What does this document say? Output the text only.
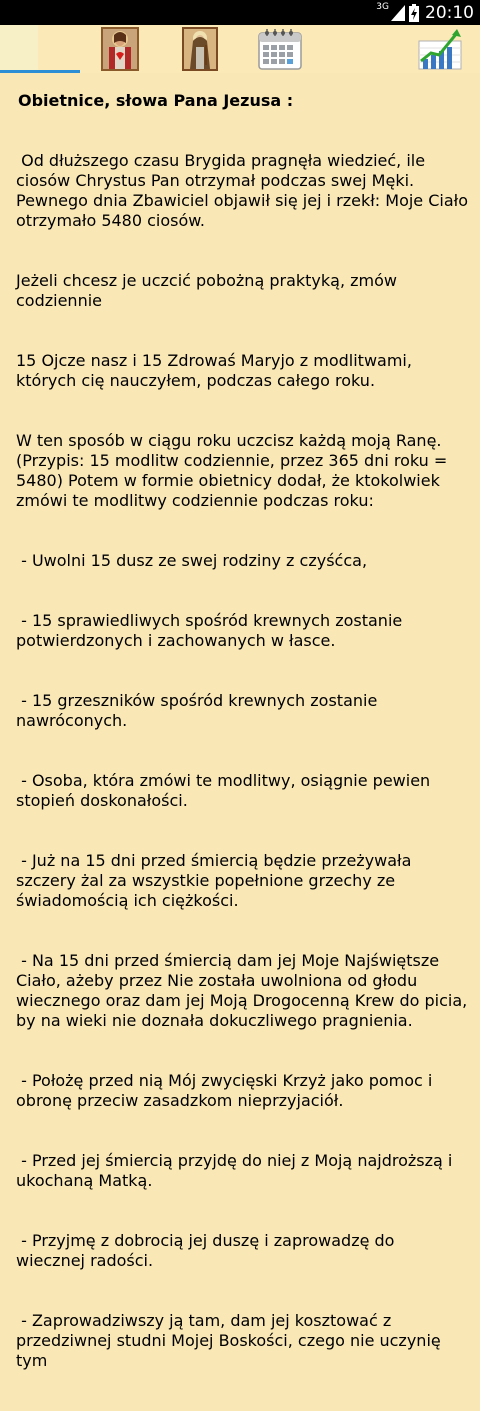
3G 20:10
Obietnice, słowa Pana Jezusa :

Od dłuższego czasu Brygida pragnęła wiedzieć, ile ciosów Chrystus Pan otrzymał podczas swej Męki. Pewnego dnia Zbawiciel objawił się jej i rzekł: Moje Ciało otrzymało 5480 ciosów.

Jeżeli chcesz je uczcić pobożną praktyką, zmów codziennie

15 Ojcze nasz i 15 Zdrowaś Maryjo z modlitwami, których cię nauczyłem, podczas całego roku.

W ten sposób w ciągu roku uczcisz każdą moją Ranę. (Przypis: 15 modlitw codziennie, przez 365 dni roku = 5480) Potem w formie obietnicy dodał, że ktokolwiek zmówi te modlitwy codziennie podczas roku:

- Uwolni 15 dusz ze swej rodziny z czyśćca,

- 15 sprawiedliwych spośród krewnych zostanie potwierdzonych i zachowanych w łasce.

- 15 grzeszników spośród krewnych zostanie nawróconych.

- Osoba, która zmówi te modlitwy, osiągnie pewien stopień doskonałości.

- Już na 15 dni przed śmiercią będzie przeżywała szczery żal za wszystkie popełnione grzechy ze świadomością ich ciężkości.

- Na 15 dni przed śmiercią dam jej Moje Najświętsze Ciało, ażeby przez Nie została uwolniona od głodu wiecznego oraz dam jej Moją Drogocenną Krew do picia, by na wieki nie doznała dokuczliwego pragnienia.

- Położę przed nią Mój zwycięski Krzyż jako pomoc i obronę przeciw zasadzkom nieprzyjaciół.

- Przed jej śmiercią przyjdę do niej z Moją najdroższą i ukochaną Matką.

- Przyjmę z dobrocią jej duszę i zaprowadzę do wiecznej radości.

- Zaprowadziwszy ją tam, dam jej kosztować z przedziwnej studni Mojej Boskości, czego nie uczynię tym
